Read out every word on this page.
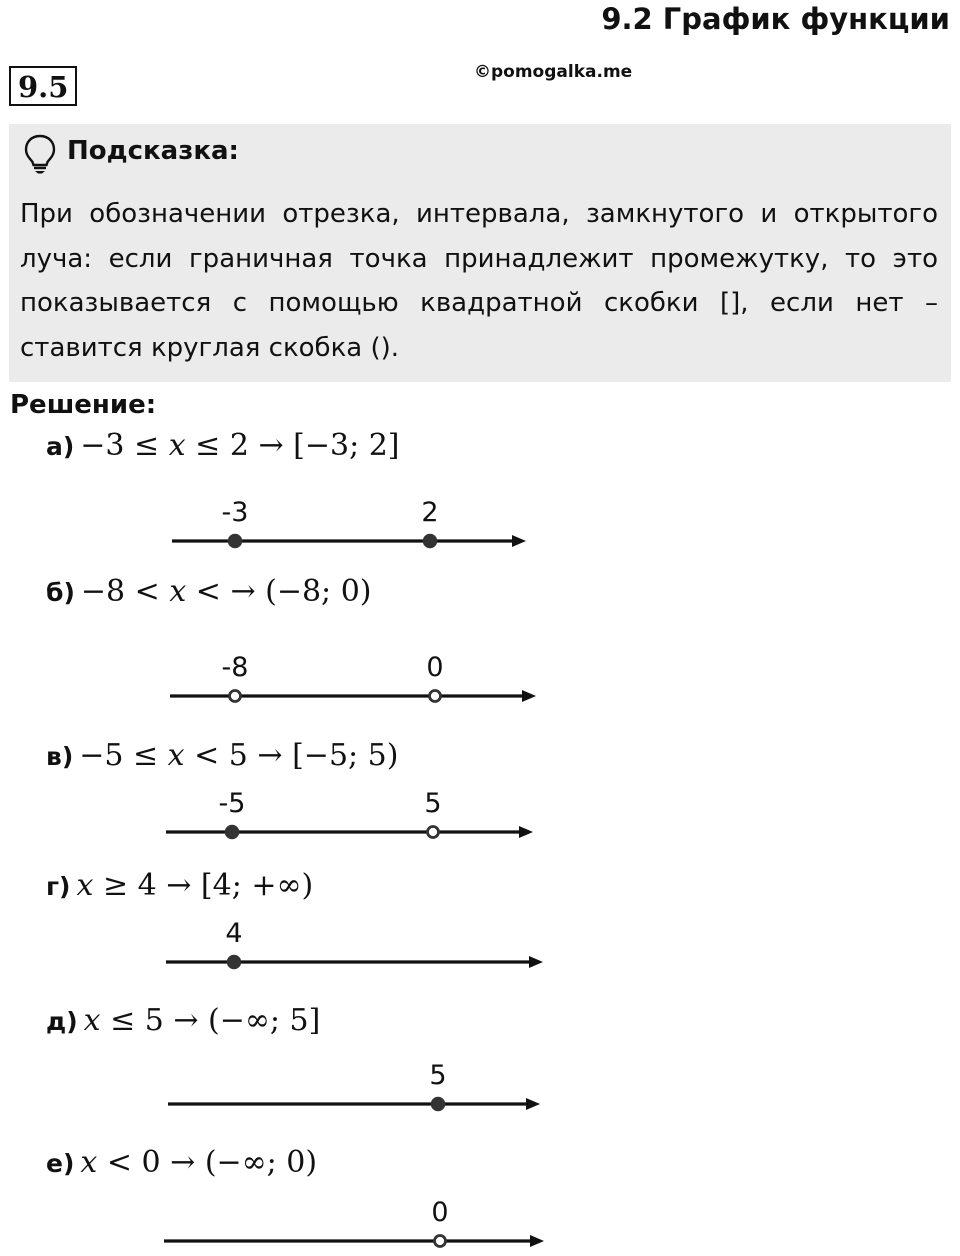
9.2 График функции
9.5	©pomogalka.me
Подсказка:
При обозначении отрезка, интервала, замкнутого и открытого луча: если граничная точка принадлежит промежутку, то это показывается с помощью квадратной скобки [], если нет – ставится круглая скобка ().
Решение:
а) −3 ≤ 𝑥 ≤ 2 → [−3; 2]
б) −8 < 𝑥 < → (−8; 0)
в) −5 ≤ 𝑥 < 5 → [−5; 5)
г) 𝑥 ≥ 4 → [4; +∞)
д) 𝑥 ≤ 5 → (−∞; 5]
е) 𝑥 < 0 → (−∞; 0)
-3	2
-8	0
-5	5
4
5
0
